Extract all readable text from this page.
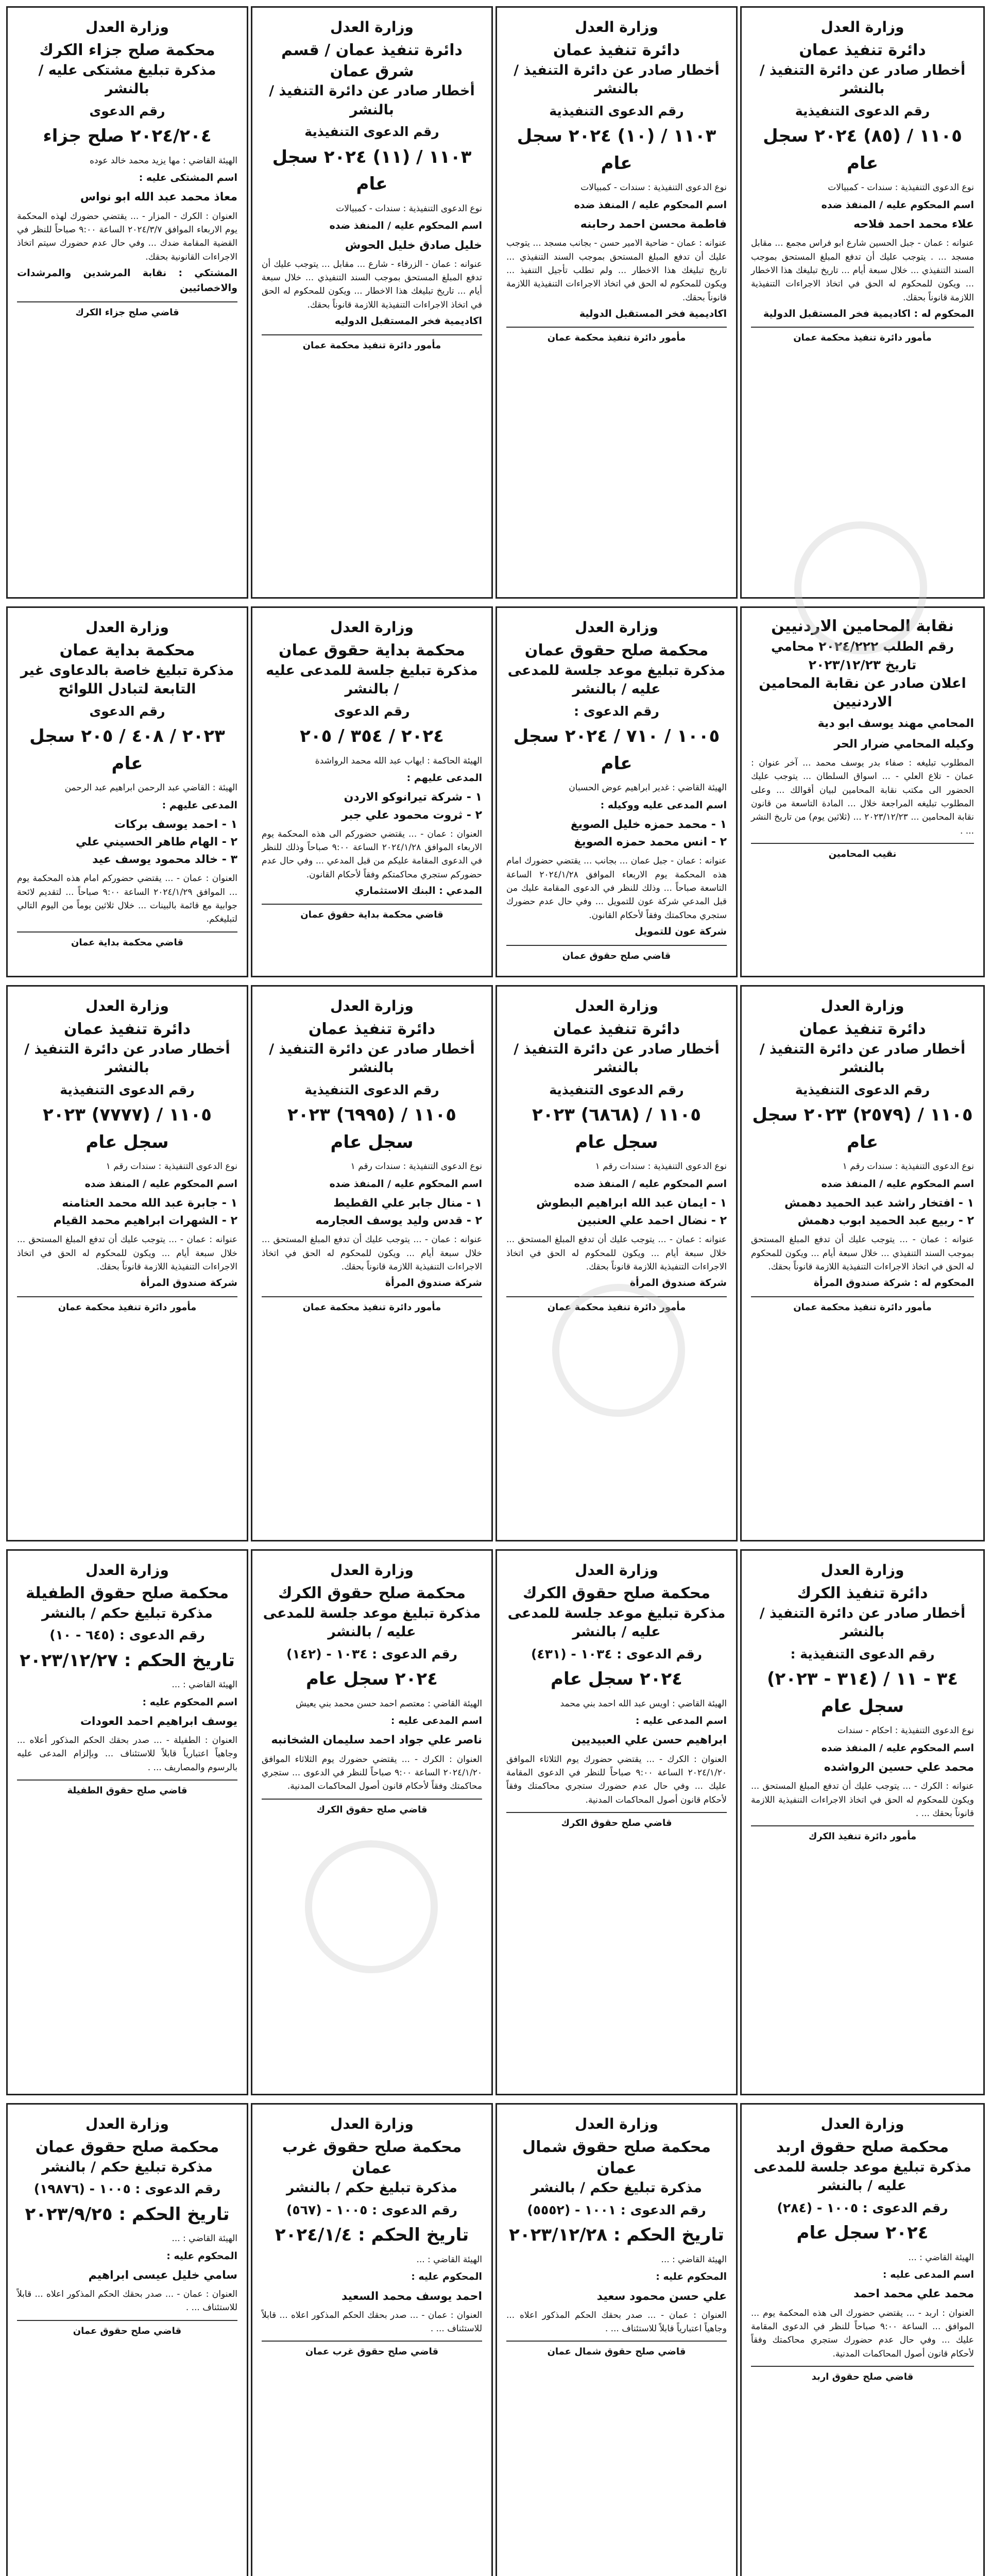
وزارة العدل
دائرة تنفيذ عمان
أخطار صادر عن دائرة التنفيذ / بالنشر
رقم الدعوى التنفيذية
١١٠٥ / (٨٥) ٢٠٢٤ سجل عام

نوع الدعوى التنفيذية : سندات - كمبيالات

اسم المحكوم عليه / المنفذ ضده
علاء محمد احمد فلاحه

عنوانه : عمان - جبل الحسين شارع ابو فراس مجمع ... مقابل مسجد ... . يتوجب عليك أن تدفع المبلغ المستحق بموجب السند التنفيذي ... خلال سبعة أيام ... تاريخ تبليغك هذا الاخطار ... ويكون للمحكوم له الحق في اتخاذ الاجراءات التنفيذية اللازمة قانوناً بحقك.

المحكوم له : اكاديمية فخر المستقبل الدولية

مأمور دائرة تنفيذ محكمة عمان
وزارة العدل
دائرة تنفيذ عمان
أخطار صادر عن دائرة التنفيذ / بالنشر
رقم الدعوى التنفيذية
١١٠٣ / (١٠) ٢٠٢٤ سجل عام

نوع الدعوى التنفيذية : سندات - كمبيالات

اسم المحكوم عليه / المنفذ ضده
فاطمة محسن احمد رحابنه

عنوانه : عمان - ضاحية الامير حسن - بجانب مسجد ... يتوجب عليك أن تدفع المبلغ المستحق بموجب السند التنفيذي ... تاريخ تبليغك هذا الاخطار ... ولم تطلب تأجيل التنفيذ ... ويكون للمحكوم له الحق في اتخاذ الاجراءات التنفيذية اللازمة قانوناً بحقك.

اكاديمية فخر المستقبل الدولية

مأمور دائرة تنفيذ محكمة عمان
وزارة العدل
دائرة تنفيذ عمان / قسم شرق عمان
أخطار صادر عن دائرة التنفيذ / بالنشر
رقم الدعوى التنفيذية
١١٠٣ / (١١) ٢٠٢٤ سجل عام

نوع الدعوى التنفيذية : سندات - كمبيالات

اسم المحكوم عليه / المنفذ ضده
خليل صادق خليل الحوش

عنوانه : عمان - الزرقاء - شارع ... مقابل ... يتوجب عليك أن تدفع المبلغ المستحق بموجب السند التنفيذي ... خلال سبعة أيام ... تاريخ تبليغك هذا الاخطار ... ويكون للمحكوم له الحق في اتخاذ الاجراءات التنفيذية اللازمة قانوناً بحقك.

اكاديمية فخر المستقبل الدوليه

مأمور دائرة تنفيذ محكمة عمان
وزارة العدل
محكمة صلح جزاء الكرك
مذكرة تبليغ مشتكى عليه / بالنشر
رقم الدعوى
٢٠٢٤/٢٠٤ صلح جزاء

الهيئة القاضي : مها يزيد محمد خالد عوده

اسم المشتكى عليه :
معاذ محمد عبد الله ابو نواس

العنوان : الكرك - المزار - ... يقتضي حضورك لهذه المحكمة يوم الاربعاء الموافق ٢٠٢٤/٣/٧ الساعة ٩:٠٠ صباحاً للنظر في القضية المقامة ضدك ... وفي حال عدم حضورك سيتم اتخاذ الاجراءات القانونية بحقك.

المشتكي : نقابة المرشدين والمرشدات والاخصائيين

قاضي صلح جزاء الكرك
نقابة المحامين الاردنيين
رقم الطلب ٢٠٢٤/٢٢٢ محامي
تاريخ ٢٠٢٣/١٢/٢٣
اعلان صادر عن نقابة المحامين الاردنيين
المحامي مهند يوسف ابو دية
وكيله المحامي ضرار الحر

المطلوب تبليغه : صفاء بدر يوسف محمد ... آخر عنوان : عمان - تلاع العلي - ... اسواق السلطان ... يتوجب عليك الحضور الى مكتب نقابة المحامين لبيان أقوالك ... وعلى المطلوب تبليغه المراجعة خلال ... المادة التاسعة من قانون نقابة المحامين ... ٢٠٢٣/١٢/٢٣ ... (ثلاثين يوم) من تاريخ النشر ... .

نقيب المحامين
وزارة العدل
محكمة صلح حقوق عمان
مذكرة تبليغ موعد جلسة للمدعى عليه / بالنشر
رقم الدعوى :
١٠٠٥ / ٧١٠ / ٢٠٢٤ سجل عام

الهيئة القاضي : غدير ابراهيم عوض الحسبان

اسم المدعى عليه ووكيله :
١ - محمد حمزه خليل الصويغ
٢ - انس محمد حمزه الصويغ

عنوانه : عمان - جبل عمان ... بجانب ... يقتضي حضورك امام هذه المحكمة يوم الاربعاء الموافق ٢٠٢٤/١/٢٨ الساعة التاسعة صباحاً ... وذلك للنظر في الدعوى المقامة عليك من قبل المدعي شركة عون للتمويل ... وفي حال عدم حضورك ستجري محاكمتك وفقاً لأحكام القانون.

شركة عون للتمويل

قاضي صلح حقوق عمان
وزارة العدل
محكمة بداية حقوق عمان
مذكرة تبليغ جلسة للمدعى عليه / بالنشر
رقم الدعوى
٢٠٢٤ / ٣٥٤ / ٢٠٥

الهيئة الحاكمة : ايهاب عبد الله محمد الرواشدة

المدعى عليهم :
١ - شركة تيرانوكو الاردن
٢ - ثروت محمود علي جبر

العنوان : عمان - ... يقتضي حضوركم الى هذه المحكمة يوم الاربعاء الموافق ٢٠٢٤/١/٢٨ الساعة ٩:٠٠ صباحاً وذلك للنظر في الدعوى المقامة عليكم من قبل المدعي ... وفي حال عدم حضوركم ستجري محاكمتكم وفقاً لأحكام القانون.

المدعي : البنك الاستثماري

قاضي محكمة بداية حقوق عمان
وزارة العدل
محكمة بداية عمان
مذكرة تبليغ خاصة بالدعاوى غير التابعة لتبادل اللوائح
رقم الدعوى
٢٠٢٣ / ٤٠٨ / ٢٠٥ سجل عام

الهيئة : القاضي عبد الرحمن ابراهيم عبد الرحمن

المدعى عليهم :
١ - احمد يوسف بركات
٢ - الهام طاهر الحسيني علي
٣ - خالد محمود يوسف عيد

العنوان : عمان - ... يقتضي حضوركم امام هذه المحكمة يوم ... الموافق ٢٠٢٤/١/٢٩ الساعة ٩:٠٠ صباحاً ... لتقديم لائحة جوابية مع قائمة بالبينات ... خلال ثلاثين يوماً من اليوم التالي لتبليغكم.

قاضي محكمة بداية عمان
وزارة العدل
دائرة تنفيذ عمان
أخطار صادر عن دائرة التنفيذ / بالنشر
رقم الدعوى التنفيذية
١١٠٥ / (٢٥٧٩) ٢٠٢٣ سجل عام

نوع الدعوى التنفيذية : سندات رقم ١

اسم المحكوم عليه / المنفذ ضده
١ - افتخار راشد عبد الحميد دهمش
٢ - ربيع عبد الحميد ابوب دهمش

عنوانه : عمان - ... يتوجب عليك أن تدفع المبلغ المستحق بموجب السند التنفيذي ... خلال سبعة أيام ... ويكون للمحكوم له الحق في اتخاذ الاجراءات التنفيذية اللازمة قانوناً بحقك.

المحكوم له : شركة صندوق المرأة

مأمور دائرة تنفيذ محكمة عمان
وزارة العدل
دائرة تنفيذ عمان
أخطار صادر عن دائرة التنفيذ / بالنشر
رقم الدعوى التنفيذية
١١٠٥ / (٦٨٦٨) ٢٠٢٣ سجل عام

نوع الدعوى التنفيذية : سندات رقم ١

اسم المحكوم عليه / المنفذ ضده
١ - ايمان عبد الله ابراهيم البطوش
٢ - نضال احمد علي العنبين

عنوانه : عمان - ... يتوجب عليك أن تدفع المبلغ المستحق ... خلال سبعة أيام ... ويكون للمحكوم له الحق في اتخاذ الاجراءات التنفيذية اللازمة قانوناً بحقك.

شركة صندوق المرأة

مأمور دائرة تنفيذ محكمة عمان
وزارة العدل
دائرة تنفيذ عمان
أخطار صادر عن دائرة التنفيذ / بالنشر
رقم الدعوى التنفيذية
١١٠٥ / (٦٩٩٥) ٢٠٢٣ سجل عام

نوع الدعوى التنفيذية : سندات رقم ١

اسم المحكوم عليه / المنفذ ضده
١ - منال جابر علي القطيط
٢ - قدس وليد يوسف العجارمه

عنوانه : عمان - ... يتوجب عليك أن تدفع المبلغ المستحق ... خلال سبعة أيام ... ويكون للمحكوم له الحق في اتخاذ الاجراءات التنفيذية اللازمة قانوناً بحقك.

شركة صندوق المرأة

مأمور دائرة تنفيذ محكمة عمان
وزارة العدل
دائرة تنفيذ عمان
أخطار صادر عن دائرة التنفيذ / بالنشر
رقم الدعوى التنفيذية
١١٠٥ / (٧٧٧٧) ٢٠٢٣ سجل عام

نوع الدعوى التنفيذية : سندات رقم ١

اسم المحكوم عليه / المنفذ ضده
١ - جابرة عبد الله محمد العثامنه
٢ - الشهرات ابراهيم محمد القيام

عنوانه : عمان - ... يتوجب عليك أن تدفع المبلغ المستحق ... خلال سبعة أيام ... ويكون للمحكوم له الحق في اتخاذ الاجراءات التنفيذية اللازمة قانوناً بحقك.

شركة صندوق المرأة

مأمور دائرة تنفيذ محكمة عمان
وزارة العدل
دائرة تنفيذ الكرك
أخطار صادر عن دائرة التنفيذ / بالنشر
رقم الدعوى التنفيذية :
٣٤ - ١١ / (٣١٤ - ٢٠٢٣) سجل عام

نوع الدعوى التنفيذية : احكام - سندات

اسم المحكوم عليه / المنفذ ضده
محمد علي حسين الرواشده

عنوانه : الكرك - ... يتوجب عليك أن تدفع المبلغ المستحق ... ويكون للمحكوم له الحق في اتخاذ الاجراءات التنفيذية اللازمة قانوناً بحقك ... .

مأمور دائرة تنفيذ الكرك
وزارة العدل
محكمة صلح حقوق الكرك
مذكرة تبليغ موعد جلسة للمدعى عليه / بالنشر
رقم الدعوى : ١٠٣٤ - (٤٣١)
٢٠٢٤ سجل عام

الهيئة القاضي : اويس عبد الله احمد بني محمد

اسم المدعى عليه :
ابراهيم حسن علي العبيديين

العنوان : الكرك - ... يقتضي حضورك يوم الثلاثاء الموافق ٢٠٢٤/١/٢٠ الساعة ٩:٠٠ صباحاً للنظر في الدعوى المقامة عليك ... وفي حال عدم حضورك ستجري محاكمتك وفقاً لأحكام قانون أصول المحاكمات المدنية.

قاضي صلح حقوق الكرك
وزارة العدل
محكمة صلح حقوق الكرك
مذكرة تبليغ موعد جلسة للمدعى عليه / بالنشر
رقم الدعوى : ١٠٣٤ - (١٤٢)
٢٠٢٤ سجل عام

الهيئة القاضي : معتصم احمد حسن محمد بني يعيش

اسم المدعى عليه :
ناصر علي جواد احمد سليمان الشخانبه

العنوان : الكرك - ... يقتضي حضورك يوم الثلاثاء الموافق ٢٠٢٤/١/٢٠ الساعة ٩:٠٠ صباحاً للنظر في الدعوى ... ستجري محاكمتك وفقاً لأحكام قانون أصول المحاكمات المدنية.

قاضي صلح حقوق الكرك
وزارة العدل
محكمة صلح حقوق الطفيلة
مذكرة تبليغ حكم / بالنشر
رقم الدعوى : (٦٤٥ - ١٠)
تاريخ الحكم : ٢٠٢٣/١٢/٢٧

الهيئة القاضي : ...

اسم المحكوم عليه :
يوسف ابراهيم احمد العودات

العنوان : الطفيلة - ... صدر بحقك الحكم المذكور أعلاه ... وجاهياً اعتبارياً قابلاً للاستئناف ... وبإلزام المدعى عليه بالرسوم والمصاريف ... .

قاضي صلح حقوق الطفيلة
وزارة العدل
محكمة صلح حقوق اربد
مذكرة تبليغ موعد جلسة للمدعى عليه / بالنشر
رقم الدعوى : ١٠٠٥ - (٢٨٤)
٢٠٢٤ سجل عام

الهيئة القاضي : ...

اسم المدعى عليه :
محمد علي محمد احمد

العنوان : اربد - ... يقتضي حضورك الى هذه المحكمة يوم ... الموافق ... الساعة ٩:٠٠ صباحاً للنظر في الدعوى المقامة عليك ... وفي حال عدم حضورك ستجري محاكمتك وفقاً لأحكام قانون أصول المحاكمات المدنية.

قاضي صلح حقوق اربد
وزارة العدل
محكمة صلح حقوق شمال عمان
مذكرة تبليغ حكم / بالنشر
رقم الدعوى : ١٠٠١ - (٥٥٥٢)
تاريخ الحكم : ٢٠٢٣/١٢/٢٨

الهيئة القاضي : ...

المحكوم عليه :
علي حسن محمود سعيد

العنوان : عمان - ... صدر بحقك الحكم المذكور اعلاه ... وجاهياً اعتبارياً قابلاً للاستئناف ... .

قاضي صلح حقوق شمال عمان
وزارة العدل
محكمة صلح حقوق غرب عمان
مذكرة تبليغ حكم / بالنشر
رقم الدعوى : ١٠٠٥ - (٥٦٧)
تاريخ الحكم : ٢٠٢٤/١/٤

الهيئة القاضي : ...

المحكوم عليه :
احمد يوسف محمد السعيد

العنوان : عمان - ... صدر بحقك الحكم المذكور اعلاه ... قابلاً للاستئناف ... .

قاضي صلح حقوق غرب عمان
وزارة العدل
محكمة صلح حقوق عمان
مذكرة تبليغ حكم / بالنشر
رقم الدعوى : ١٠٠٥ - (١٩٨٧٦)
تاريخ الحكم : ٢٠٢٣/٩/٢٥

الهيئة القاضي : ...

المحكوم عليه :
سامي خليل عيسى ابراهيم

العنوان : عمان - ... صدر بحقك الحكم المذكور اعلاه ... قابلاً للاستئناف ... .

قاضي صلح حقوق عمان
